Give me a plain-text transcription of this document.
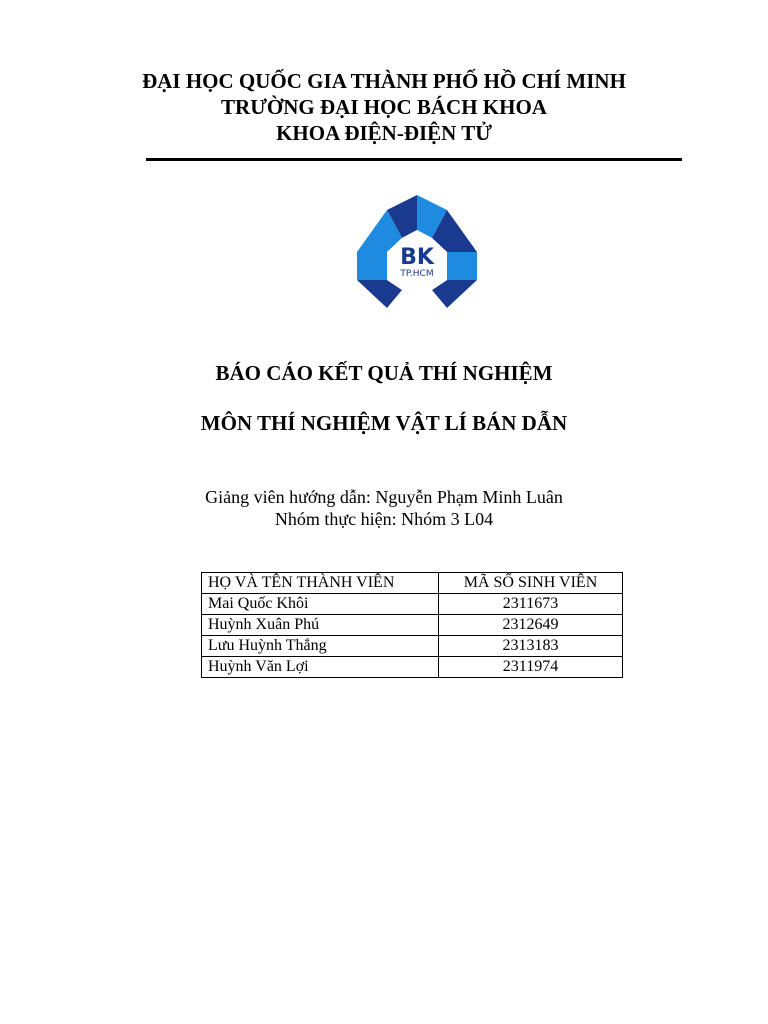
ĐẠI HỌC QUỐC GIA THÀNH PHỐ HỒ CHÍ MINH
TRƯỜNG ĐẠI HỌC BÁCH KHOA
KHOA ĐIỆN-ĐIỆN TỬ
BK
TP.HCM
BÁO CÁO KẾT QUẢ THÍ NGHIỆM
MÔN THÍ NGHIỆM VẬT LÍ BÁN DẪN
Giảng viên hướng dẫn: Nguyễn Phạm Minh Luân
Nhóm thực hiện: Nhóm 3 L04
HỌ VÀ TÊN THÀNH VIÊN	MÃ SỐ SINH VIÊN
Mai Quốc Khôi	2311673
Huỳnh Xuân Phú	2312649
Lưu Huỳnh Thắng	2313183
Huỳnh Văn Lợi	2311974
